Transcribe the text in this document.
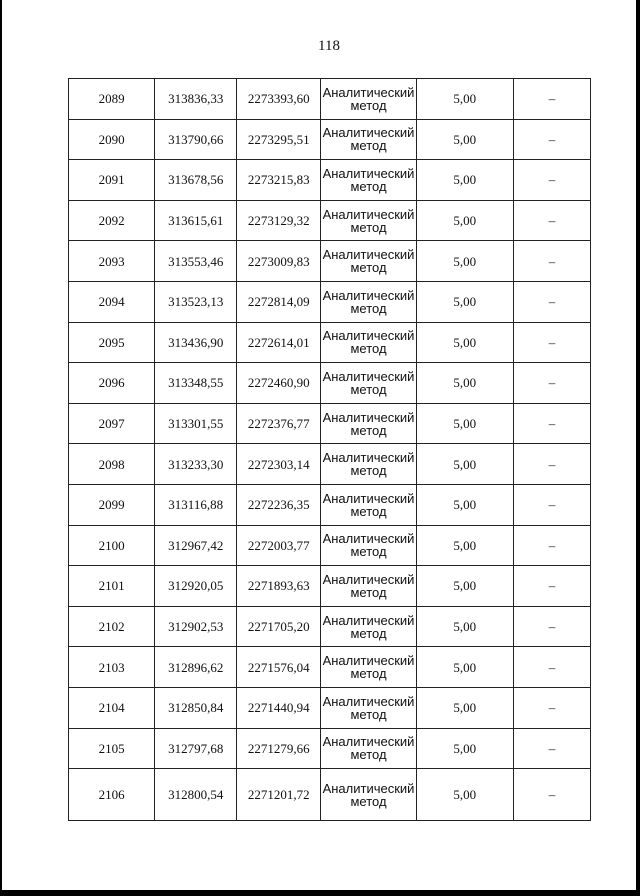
118
2089	313836,33	2273393,60	Аналитический метод	5,00	–
2090	313790,66	2273295,51	Аналитический метод	5,00	–
2091	313678,56	2273215,83	Аналитический метод	5,00	–
2092	313615,61	2273129,32	Аналитический метод	5,00	–
2093	313553,46	2273009,83	Аналитический метод	5,00	–
2094	313523,13	2272814,09	Аналитический метод	5,00	–
2095	313436,90	2272614,01	Аналитический метод	5,00	–
2096	313348,55	2272460,90	Аналитический метод	5,00	–
2097	313301,55	2272376,77	Аналитический метод	5,00	–
2098	313233,30	2272303,14	Аналитический метод	5,00	–
2099	313116,88	2272236,35	Аналитический метод	5,00	–
2100	312967,42	2272003,77	Аналитический метод	5,00	–
2101	312920,05	2271893,63	Аналитический метод	5,00	–
2102	312902,53	2271705,20	Аналитический метод	5,00	–
2103	312896,62	2271576,04	Аналитический метод	5,00	–
2104	312850,84	2271440,94	Аналитический метод	5,00	–
2105	312797,68	2271279,66	Аналитический метод	5,00	–
2106	312800,54	2271201,72	Аналитический метод	5,00	–
